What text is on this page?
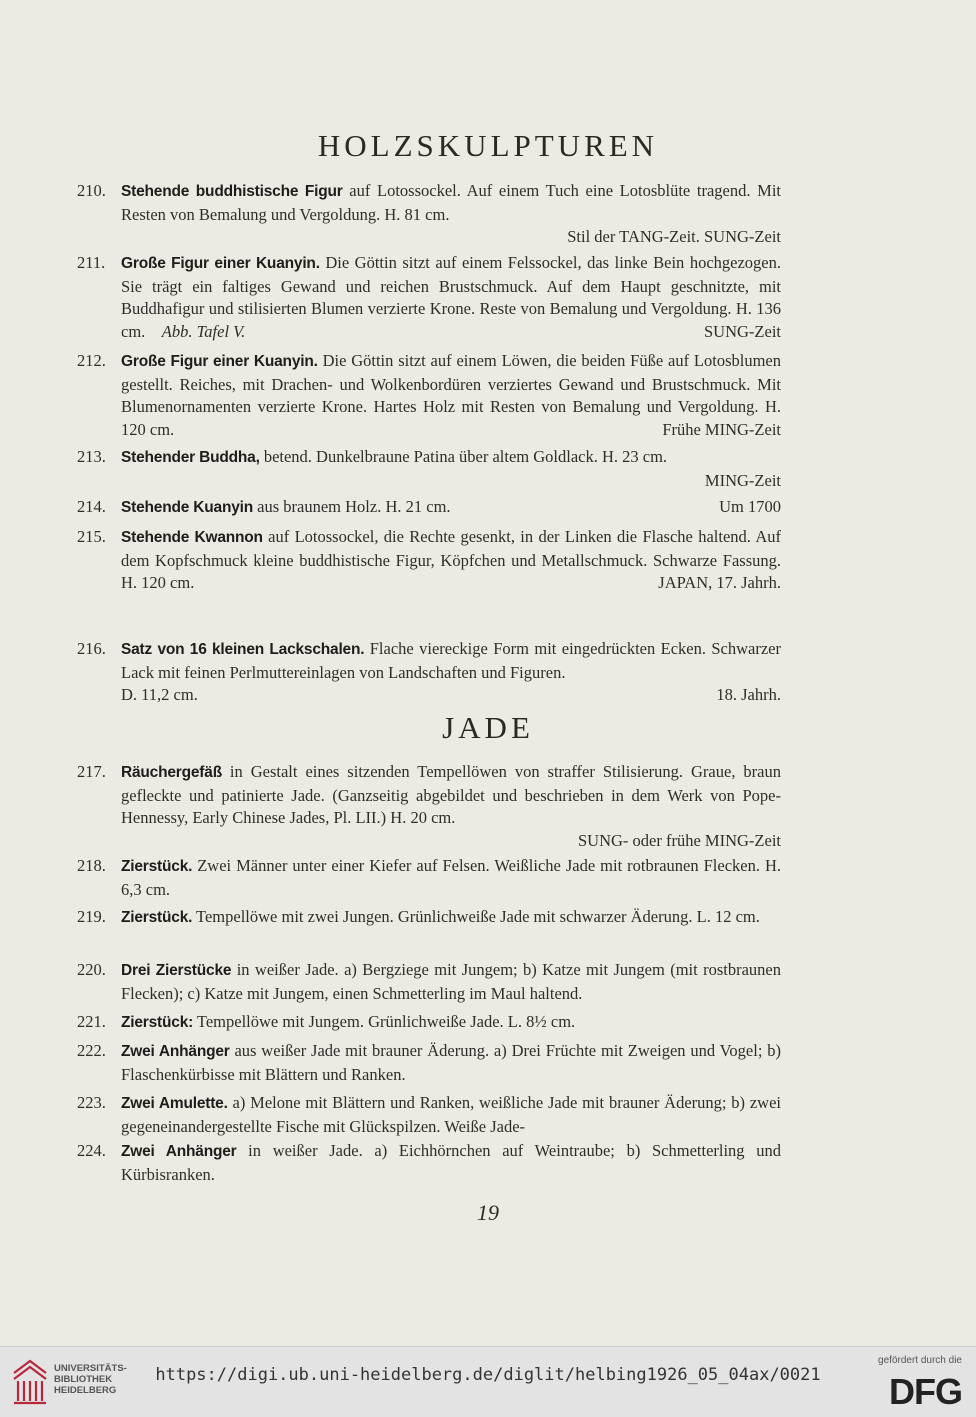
HOLZSKULPTUREN
210. Stehende buddhistische Figur auf Lotossockel. Auf einem Tuch eine Lotosblüte tragend. Mit Resten von Bemalung und Vergoldung. H. 81 cm.
Stil der TANG-Zeit. SUNG-Zeit
211.	Große Figur einer Kuanyin. Die Göttin sitzt auf einem Felssockel, das linke Bein hochgezogen. Sie trägt ein faltiges Gewand und reichen Brustschmuck. Auf dem Haupt geschnitzte, mit Buddhafigur und stilisierten Blumen verzierte Krone. Reste von Bemalung und Vergoldung. H. 136 cm. Abb. Tafel V.	SUNG-Zeit
212. Große Figur einer Kuanyin. Die Göttin sitzt auf einem Löwen, die beiden Füße auf Lotosblumen gestellt. Reiches, mit Drachen- und Wolkenbordüren verziertes Gewand und Brustschmuck. Mit Blumenornamenten verzierte Krone. Hartes Holz mit Resten von Bemalung und Vergoldung. H. 120 cm.	Frühe MING-Zeit
213. Stehender Buddha, betend. Dunkelbraune Patina über altem Goldlack. H. 23 cm.
MING-Zeit
214. Stehende Kuanyin aus braunem Holz. H. 21 cm.	Um 1700
215. Stehende Kwannon auf Lotossockel, die Rechte gesenkt, in der Linken die Flasche haltend. Auf dem Kopfschmuck kleine buddhistische Figur, Köpfchen und Metallschmuck. Schwarze Fassung. H. 120 cm.	JAPAN, 17. Jahrh.
216. Satz von 16 kleinen Lackschalen. Flache viereckige Form mit eingedrückten Ecken. Schwarzer Lack mit feinen Perlmuttereinlagen von Landschaften und Figuren.
D. 11,2 cm.	18. Jahrh.
JADE
217. Räuchergefäß in Gestalt eines sitzenden Tempellöwen von straffer Stilisierung. Graue, braun gefleckte und patinierte Jade. (Ganzseitig abgebildet und beschrieben in dem Werk von Pope-Hennessy, Early Chinese Jades, Pl. LII.) H. 20 cm.
SUNG- oder frühe MING-Zeit
218. Zierstück. Zwei Männer unter einer Kiefer auf Felsen. Weißliche Jade mit rotbraunen Flecken. H. 6,3 cm.
219. Zierstück. Tempellöwe mit zwei Jungen. Grünlichweiße Jade mit schwarzer Äderung. L. 12 cm.
220. Drei Zierstücke in weißer Jade. a) Bergziege mit Jungem; b) Katze mit Jungem (mit rostbraunen Flecken); c) Katze mit Jungem, einen Schmetterling im Maul haltend.
221. Zierstück: Tempellöwe mit Jungem. Grünlichweiße Jade. L. 8½ cm.
222. Zwei Anhänger aus weißer Jade mit brauner Äderung. a) Drei Früchte mit Zweigen und Vogel; b) Flaschenkürbisse mit Blättern und Ranken.
223. Zwei Amulette. a) Melone mit Blättern und Ranken, weißliche Jade mit brauner Äderung; b) zwei gegeneinandergestellte Fische mit Glückspilzen. Weiße Jade-
224. Zwei Anhänger in weißer Jade. a) Eichhörnchen auf Weintraube; b) Schmetterling und Kürbisranken.
19
UNIVERSITÄTS-
BIBLIOTHEK
HEIDELBERG
https://digi.ub.uni-heidelberg.de/diglit/helbing1926_05_04ax/0021
gefördert durch die
DFG
